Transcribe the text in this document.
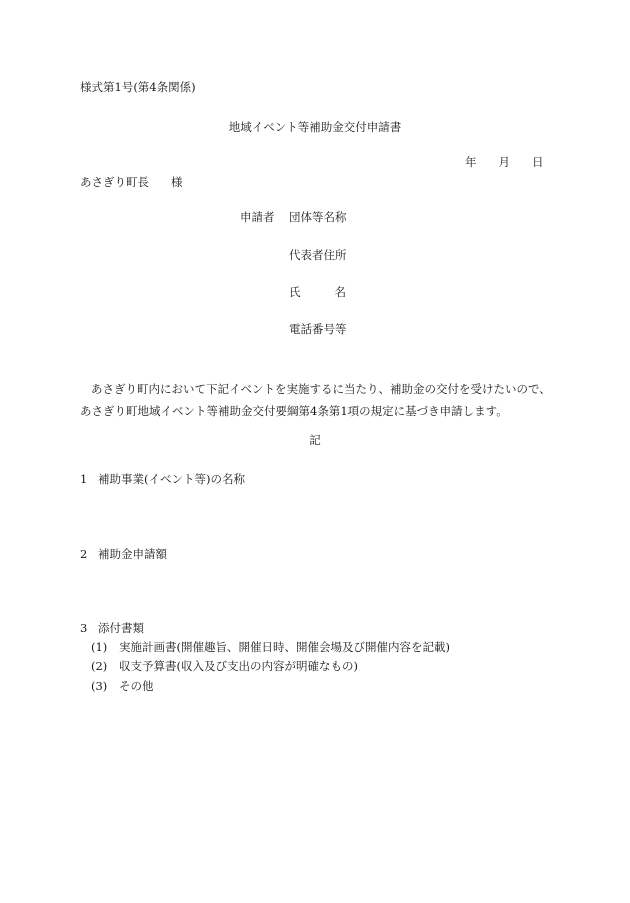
様式第1号(第4条関係)
地域イベント等補助金交付申請書
年 月 日
あさぎり町長 様
申請者 団体等名称
代表者住所
氏	名
電話番号等
あさぎり町内において下記イベントを実施するに当たり、補助金の交付を受けたいので、
あさぎり町地域イベント等補助金交付要綱第4条第1項の規定に基づき申請します。
記
1 補助事業(イベント等)の名称
2 補助金申請額
3 添付書類
(1) 実施計画書(開催趣旨、開催日時、開催会場及び開催内容を記載)
(2) 収支予算書(収入及び支出の内容が明確なもの)
(3) その他
